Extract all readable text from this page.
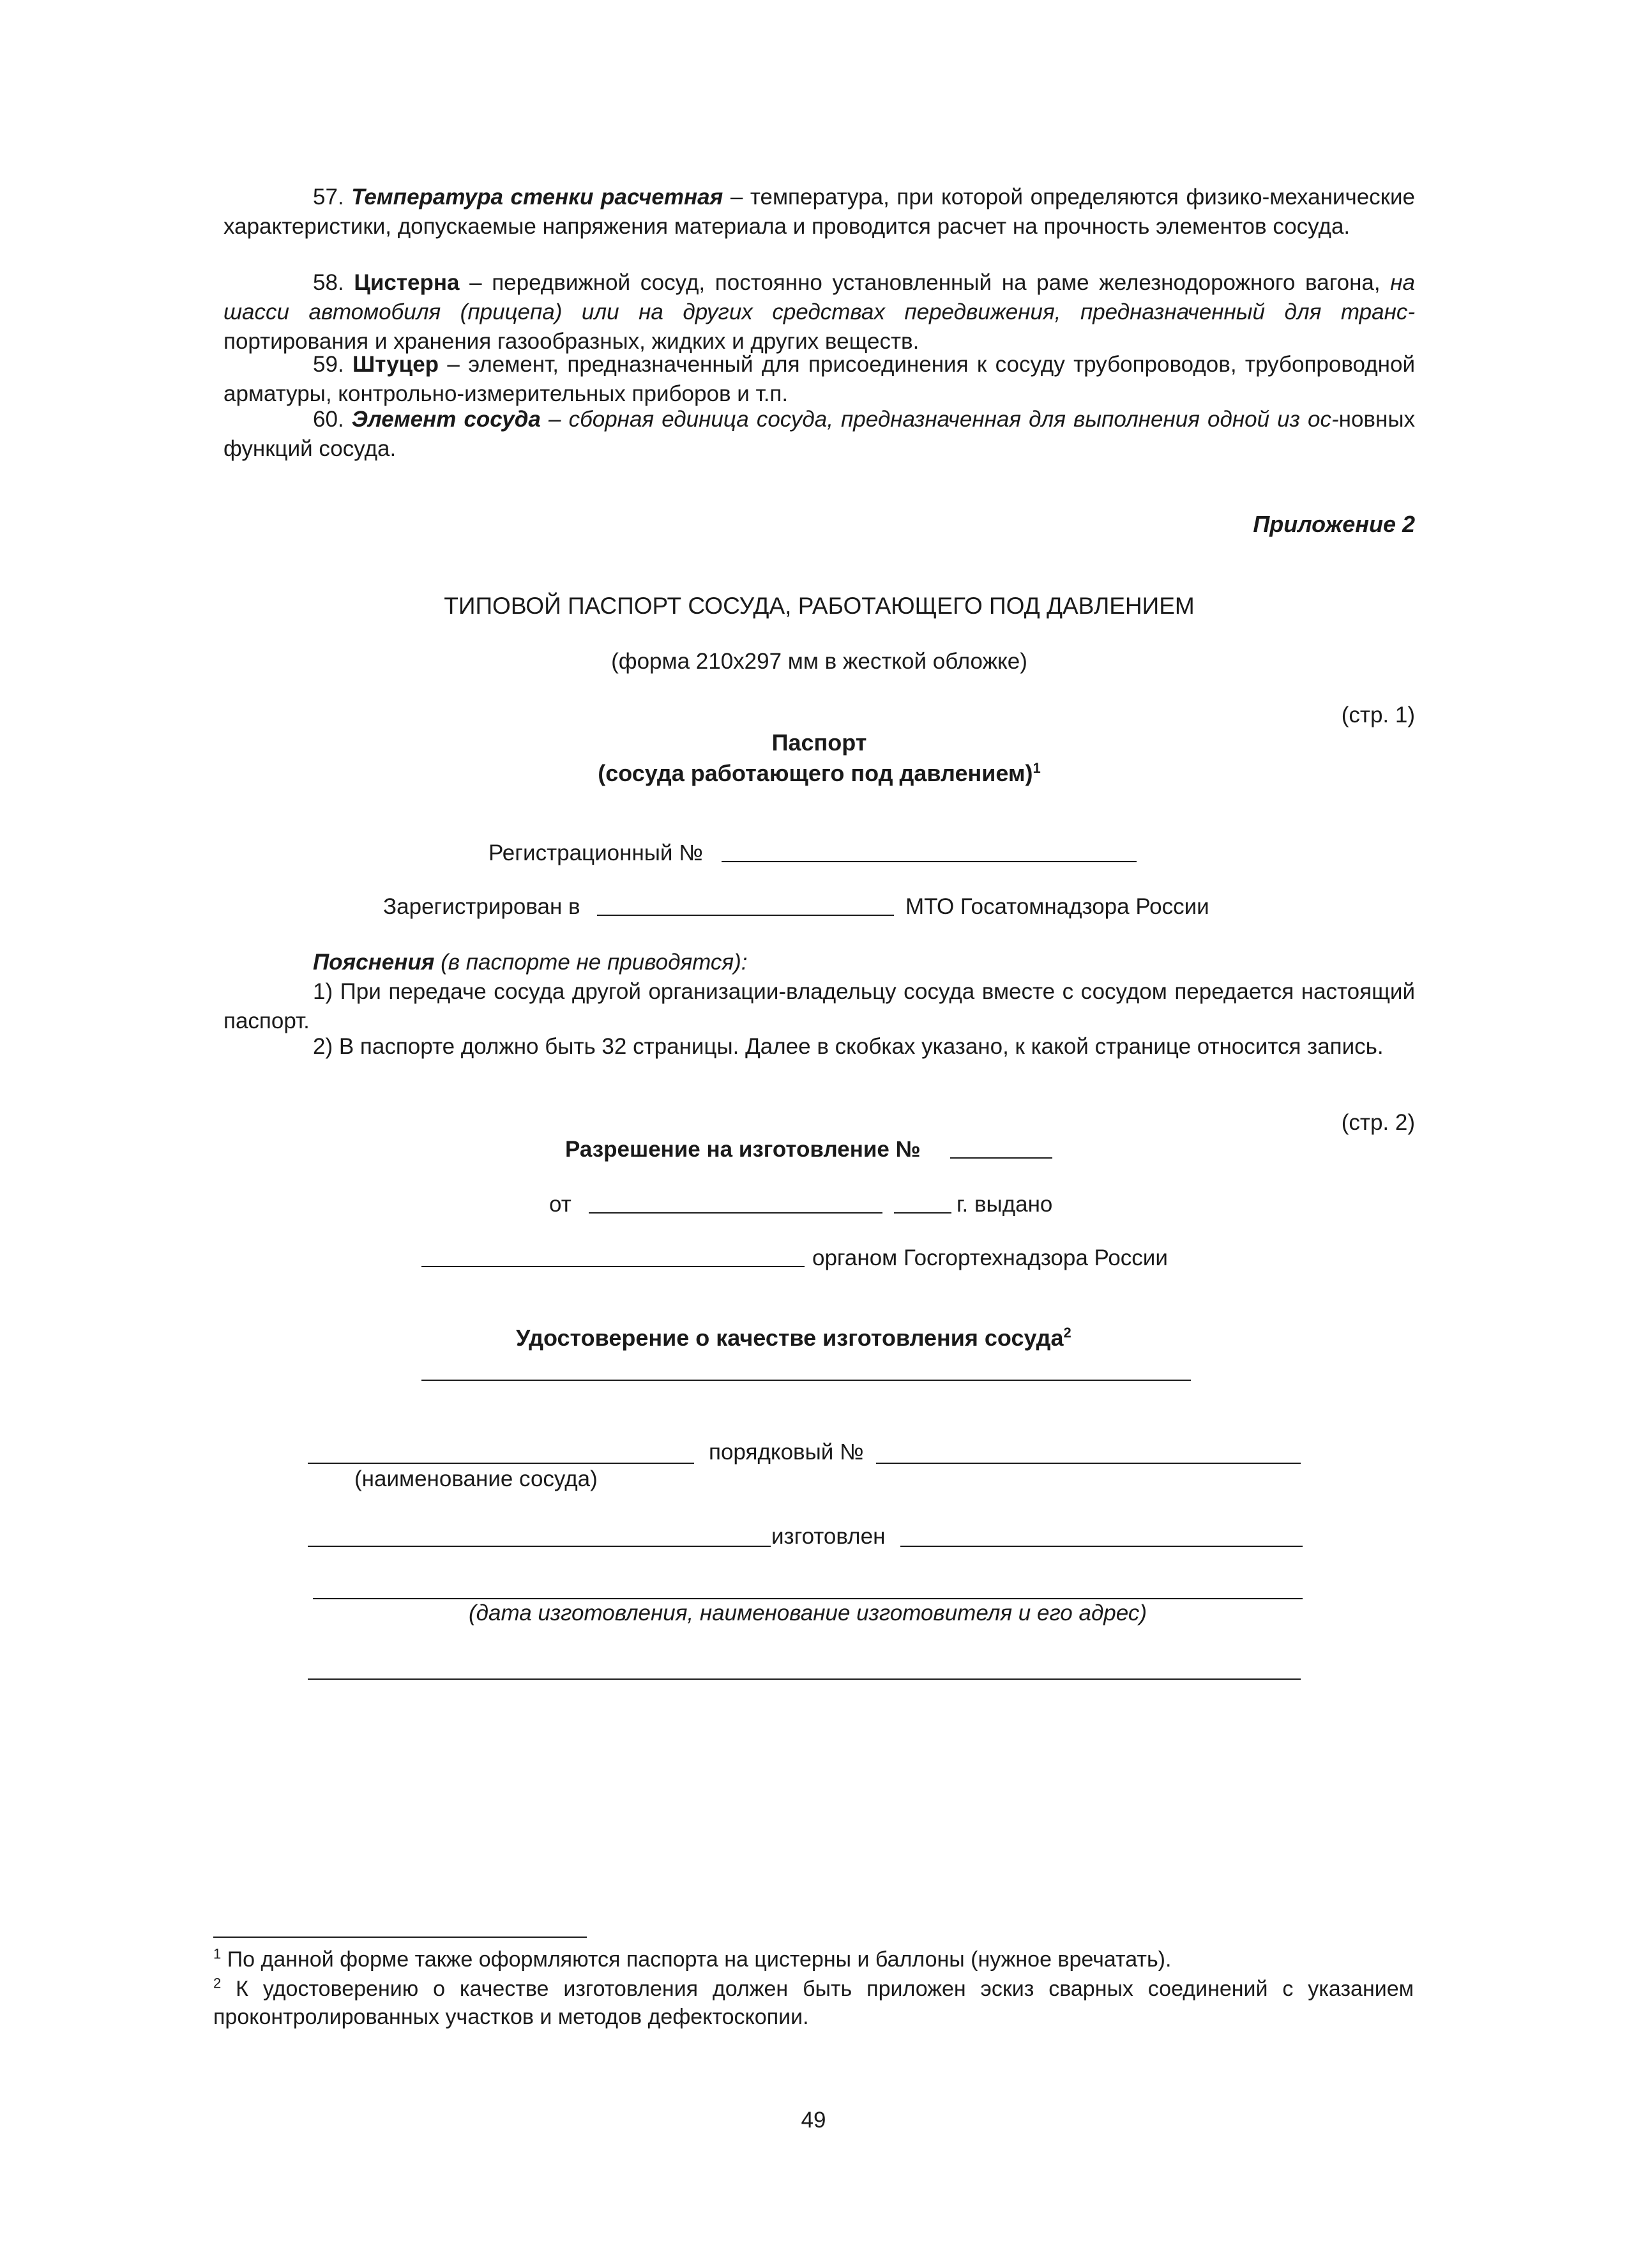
57. Температура стенки расчетная – температура, при которой определяются физико-механические характеристики, допускаемые напряжения материала и проводится расчет на прочность элементов сосуда.
58. Цистерна – передвижной сосуд, постоянно установленный на раме железнодорожного вагона, на шасси автомобиля (прицепа) или на других средствах передвижения, предназначенный для транс-портирования и хранения газообразных, жидких и других веществ.
59. Штуцер – элемент, предназначенный для присоединения к сосуду трубопроводов, трубопроводной арматуры, контрольно-измерительных приборов и т.п.
60. Элемент сосуда – сборная единица сосуда, предназначенная для выполнения одной из ос-новных функций сосуда.
Приложение 2
ТИПОВОЙ ПАСПОРТ СОСУДА, РАБОТАЮЩЕГО ПОД ДАВЛЕНИЕМ
(форма 210х297 мм в жесткой обложке)
(стр. 1)
Паспорт
(сосуда работающего под давлением)$^1$
Регистрационный №
Зарегистрирован в	МТО Госатомнадзора России
Пояснения (в паспорте не приводятся):
1) При передаче сосуда другой организации-владельцу сосуда вместе с сосудом передается настоящий паспорт.
2) В паспорте должно быть 32 страницы. Далее в скобках указано, к какой странице относится запись.
(стр. 2)
Разрешение на изготовление №
от	г. выдано
органом Госгортехнадзора России
Удостоверение о качестве изготовления сосуда$^2$
порядковый №
(наименование сосуда)
изготовлен
(дата изготовления, наименование изготовителя и его адрес)
$^1$ По данной форме также оформляются паспорта на цистерны и баллоны (нужное вречатать).
$^2$ К удостоверению о качестве изготовления должен быть приложен эскиз сварных соединений с указанием проконтролированных участков и методов дефектоскопии.
49
